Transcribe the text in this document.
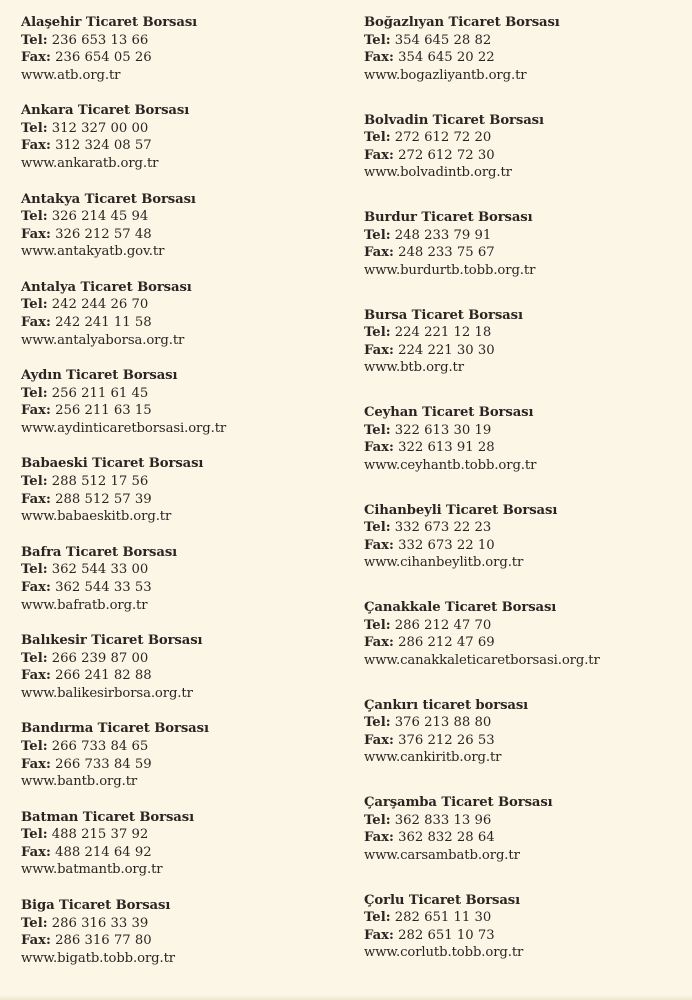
Alaşehir Ticaret Borsası
Tel: 236 653 13 66
Fax: 236 654 05 26
www.atb.org.tr
Ankara Ticaret Borsası
Tel: 312 327 00 00
Fax: 312 324 08 57
www.ankaratb.org.tr
Antakya Ticaret Borsası
Tel: 326 214 45 94
Fax: 326 212 57 48
www.antakyatb.gov.tr
Antalya Ticaret Borsası
Tel: 242 244 26 70
Fax: 242 241 11 58
www.antalyaborsa.org.tr
Aydın Ticaret Borsası
Tel: 256 211 61 45
Fax: 256 211 63 15
www.aydinticaretborsasi.org.tr
Babaeski Ticaret Borsası
Tel: 288 512 17 56
Fax: 288 512 57 39
www.babaeskitb.org.tr
Bafra Ticaret Borsası
Tel: 362 544 33 00
Fax: 362 544 33 53
www.bafratb.org.tr
Balıkesir Ticaret Borsası
Tel: 266 239 87 00
Fax: 266 241 82 88
www.balikesirborsa.org.tr
Bandırma Ticaret Borsası
Tel: 266 733 84 65
Fax: 266 733 84 59
www.bantb.org.tr
Batman Ticaret Borsası
Tel: 488 215 37 92
Fax: 488 214 64 92
www.batmantb.org.tr
Biga Ticaret Borsası
Tel: 286 316 33 39
Fax: 286 316 77 80
www.bigatb.tobb.org.tr
Boğazlıyan Ticaret Borsası
Tel: 354 645 28 82
Fax: 354 645 20 22
www.bogazliyantb.org.tr
Bolvadin Ticaret Borsası
Tel: 272 612 72 20
Fax: 272 612 72 30
www.bolvadintb.org.tr
Burdur Ticaret Borsası
Tel: 248 233 79 91
Fax: 248 233 75 67
www.burdurtb.tobb.org.tr
Bursa Ticaret Borsası
Tel: 224 221 12 18
Fax: 224 221 30 30
www.btb.org.tr
Ceyhan Ticaret Borsası
Tel: 322 613 30 19
Fax: 322 613 91 28
www.ceyhantb.tobb.org.tr
Cihanbeyli Ticaret Borsası
Tel: 332 673 22 23
Fax: 332 673 22 10
www.cihanbeylitb.org.tr
Çanakkale Ticaret Borsası
Tel: 286 212 47 70
Fax: 286 212 47 69
www.canakkaleticaretborsasi.org.tr
Çankırı ticaret borsası
Tel: 376 213 88 80
Fax: 376 212 26 53
www.cankiritb.org.tr
Çarşamba Ticaret Borsası
Tel: 362 833 13 96
Fax: 362 832 28 64
www.carsambatb.org.tr
Çorlu Ticaret Borsası
Tel: 282 651 11 30
Fax: 282 651 10 73
www.corlutb.tobb.org.tr
